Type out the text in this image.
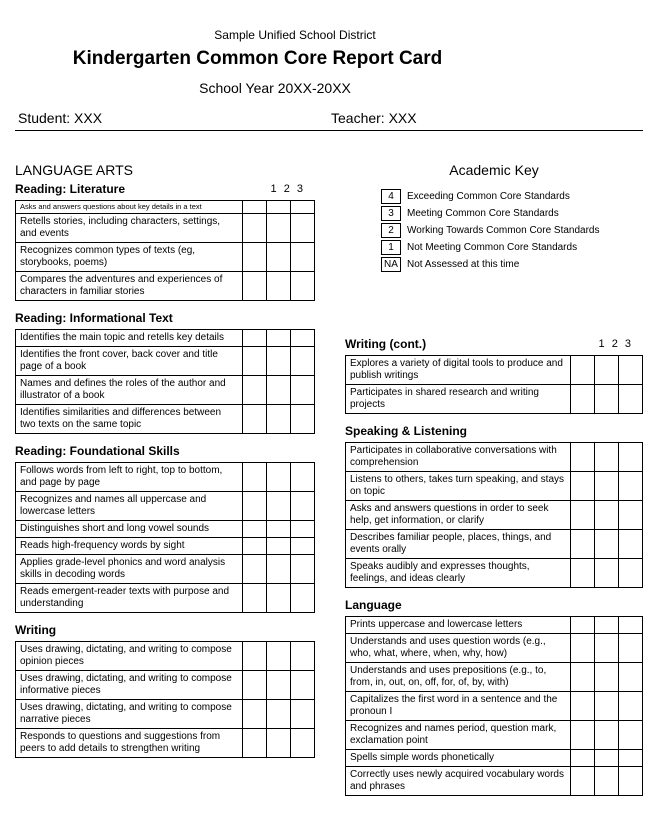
Sample Unified School District
Kindergarten Common Core Report Card
School Year 20XX-20XX
Student: XXX	Teacher: XXX
LANGUAGE ARTS
Reading: Literature	1 2 3
Asks and answers questions about key details in a text			
Retells stories, including characters, settings, and events			
Recognizes common types of texts (eg, storybooks, poems)			
Compares the adventures and experiences of characters in familiar stories			
Reading: Informational Text
Identifies the main topic and retells key details			
Identifies the front cover, back cover and title page of a book			
Names and defines the roles of the author and illustrator of a book			
Identifies similarities and differences between two texts on the same topic			
Reading: Foundational Skills
Follows words from left to right, top to bottom, and page by page			
Recognizes and names all uppercase and lowercase letters			
Distinguishes short and long vowel sounds			
Reads high-frequency words by sight			
Applies grade-level phonics and word analysis skills in decoding words			
Reads emergent-reader texts with purpose and understanding			
Writing
Uses drawing, dictating, and writing to compose opinion pieces			
Uses drawing, dictating, and writing to compose informative pieces			
Uses drawing, dictating, and writing to compose narrative pieces			
Responds to questions and suggestions from peers to add details to strengthen writing			
Academic Key
4	Exceeding Common Core Standards
3	Meeting Common Core Standards
2	Working Towards Common Core Standards
1	Not Meeting Common Core Standards
NA Not Assessed at this time
Writing (cont.)	1 2 3
Explores a variety of digital tools to produce and publish writings			
Participates in shared research and writing projects			
Speaking & Listening
Participates in collaborative conversations with comprehension			
Listens to others, takes turn speaking, and stays on topic			
Asks and answers questions in order to seek help, get information, or clarify			
Describes familiar people, places, things, and events orally			
Speaks audibly and expresses thoughts, feelings, and ideas clearly			
Language
Prints uppercase and lowercase letters			
Understands and uses question words (e.g., who, what, where, when, why, how)			
Understands and uses prepositions (e.g., to, from, in, out, on, off, for, of, by, with)			
Capitalizes the first word in a sentence and the pronoun I			
Recognizes and names period, question mark, exclamation point			
Spells simple words phonetically			
Correctly uses newly acquired vocabulary words and phrases			
